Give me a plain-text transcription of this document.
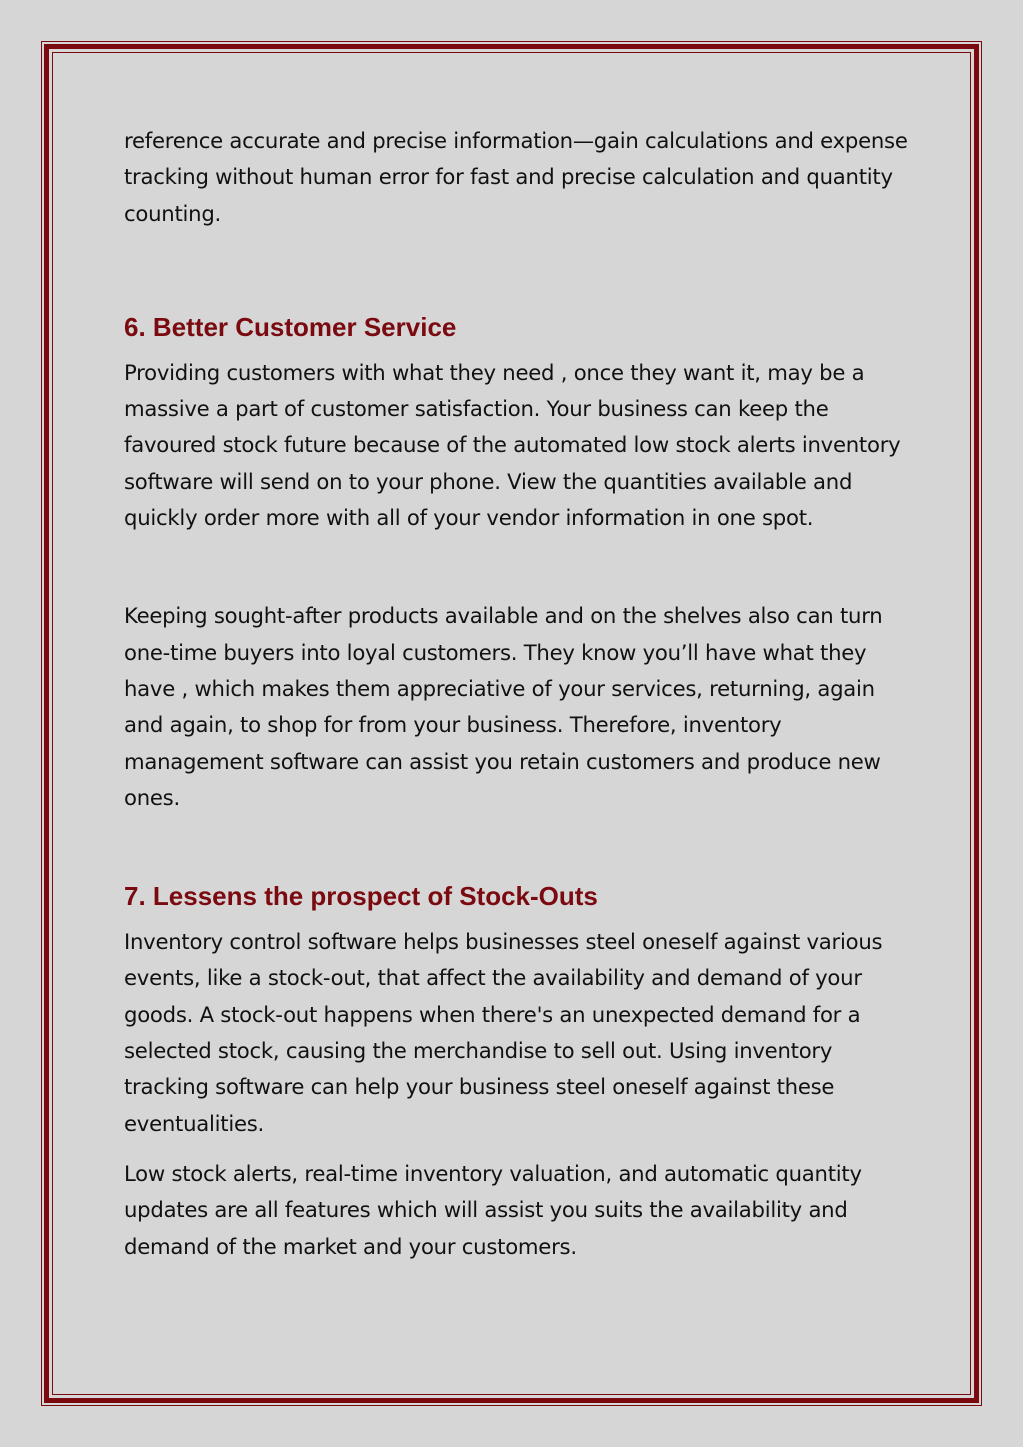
reference accurate and precise information—gain calculations and expense tracking without human error for fast and precise calculation and quantity counting.

6. Better Customer Service

Providing customers with what they need , once they want it, may be a massive a part of customer satisfaction. Your business can keep the favoured stock future because of the automated low stock alerts inventory software will send on to your phone. View the quantities available and quickly order more with all of your vendor information in one spot.

Keeping sought-after products available and on the shelves also can turn one-time buyers into loyal customers. They know you’ll have what they have , which makes them appreciative of your services, returning, again and again, to shop for from your business. Therefore, inventory management software can assist you retain customers and produce new ones.

7. Lessens the prospect of Stock-Outs

Inventory control software helps businesses steel oneself against various events, like a stock-out, that affect the availability and demand of your goods. A stock-out happens when there's an unexpected demand for a selected stock, causing the merchandise to sell out. Using inventory tracking software can help your business steel oneself against these eventualities.

Low stock alerts, real-time inventory valuation, and automatic quantity updates are all features which will assist you suits the availability and demand of the market and your customers.
